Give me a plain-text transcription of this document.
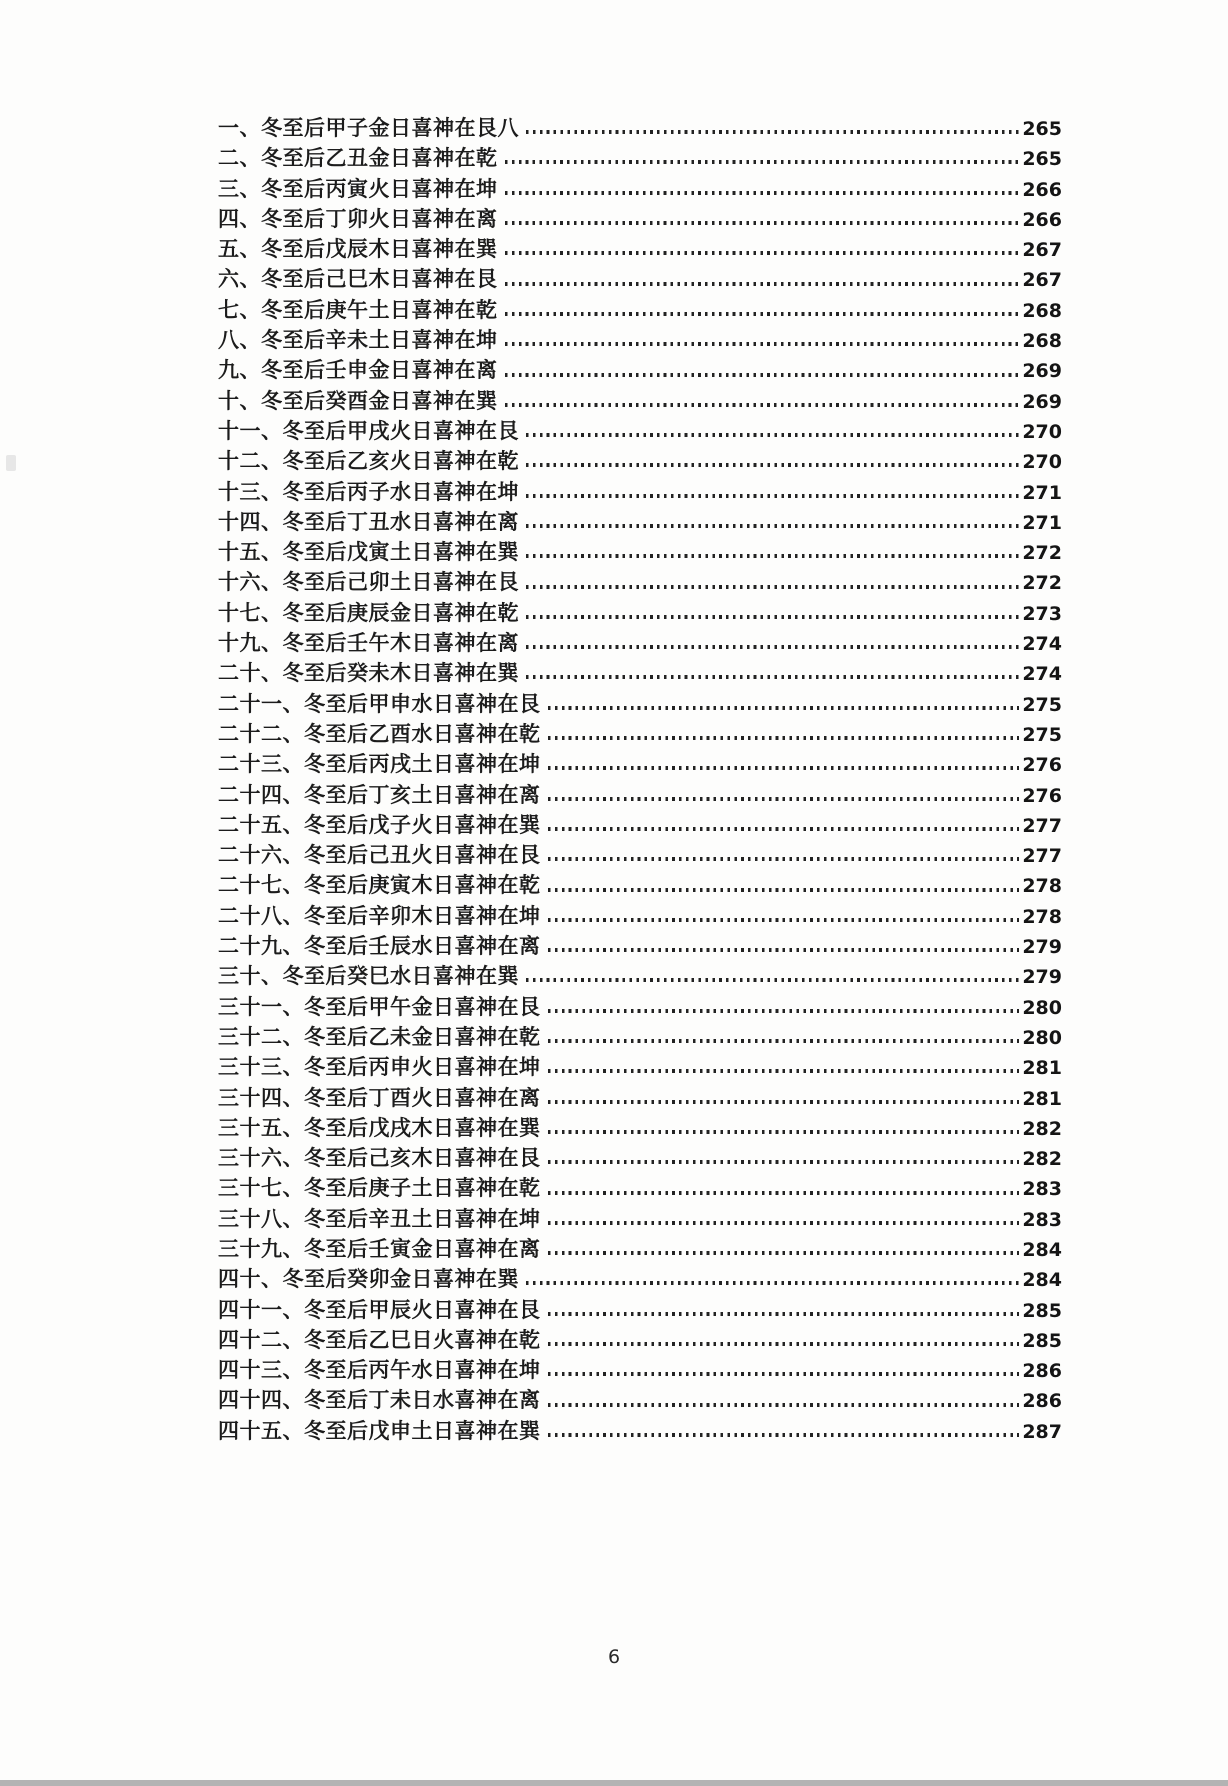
一、冬至后甲子金日喜神在艮八	265
二、冬至后乙丑金日喜神在乾	265
三、冬至后丙寅火日喜神在坤	266
四、冬至后丁卯火日喜神在离	266
五、冬至后戊辰木日喜神在巽	267
六、冬至后己巳木日喜神在艮	267
七、冬至后庚午土日喜神在乾	268
八、冬至后辛未土日喜神在坤	268
九、冬至后壬申金日喜神在离	269
十、冬至后癸酉金日喜神在巽	269
十一、冬至后甲戌火日喜神在艮	270
十二、冬至后乙亥火日喜神在乾	270
十三、冬至后丙子水日喜神在坤	271
十四、冬至后丁丑水日喜神在离	271
十五、冬至后戊寅土日喜神在巽	272
十六、冬至后己卯土日喜神在艮	272
十七、冬至后庚辰金日喜神在乾	273
十九、冬至后壬午木日喜神在离	274
二十、冬至后癸未木日喜神在巽	274
二十一、冬至后甲申水日喜神在艮	275
二十二、冬至后乙酉水日喜神在乾	275
二十三、冬至后丙戌土日喜神在坤	276
二十四、冬至后丁亥土日喜神在离	276
二十五、冬至后戊子火日喜神在巽	277
二十六、冬至后己丑火日喜神在艮	277
二十七、冬至后庚寅木日喜神在乾	278
二十八、冬至后辛卯木日喜神在坤	278
二十九、冬至后壬辰水日喜神在离	279
三十、冬至后癸巳水日喜神在巽	279
三十一、冬至后甲午金日喜神在艮	280
三十二、冬至后乙未金日喜神在乾	280
三十三、冬至后丙申火日喜神在坤	281
三十四、冬至后丁酉火日喜神在离	281
三十五、冬至后戊戌木日喜神在巽	282
三十六、冬至后己亥木日喜神在艮	282
三十七、冬至后庚子土日喜神在乾	283
三十八、冬至后辛丑土日喜神在坤	283
三十九、冬至后壬寅金日喜神在离	284
四十、冬至后癸卯金日喜神在巽	284
四十一、冬至后甲辰火日喜神在艮	285
四十二、冬至后乙巳日火喜神在乾	285
四十三、冬至后丙午水日喜神在坤	286
四十四、冬至后丁未日水喜神在离	286
四十五、冬至后戊申土日喜神在巽	287
6
